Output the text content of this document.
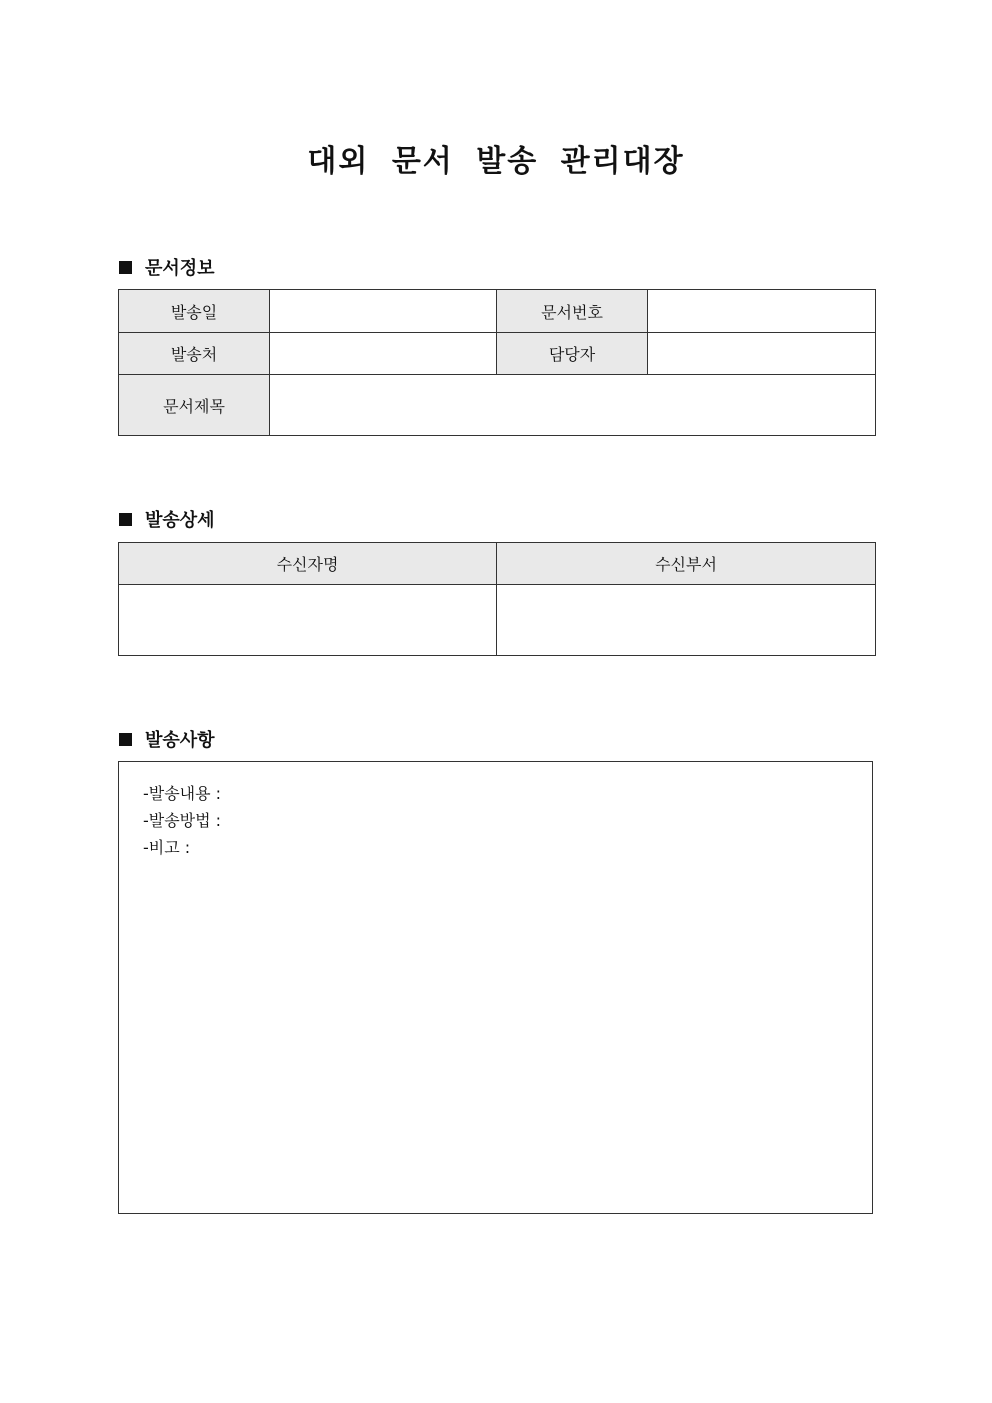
대외 문서 발송 관리대장
문서정보
발송일		문서번호	
발송처		담당자	
문서제목			
발송상세
수신자명	수신부서

발송사항
-발송내용 :
-발송방법 :
-비고 :
